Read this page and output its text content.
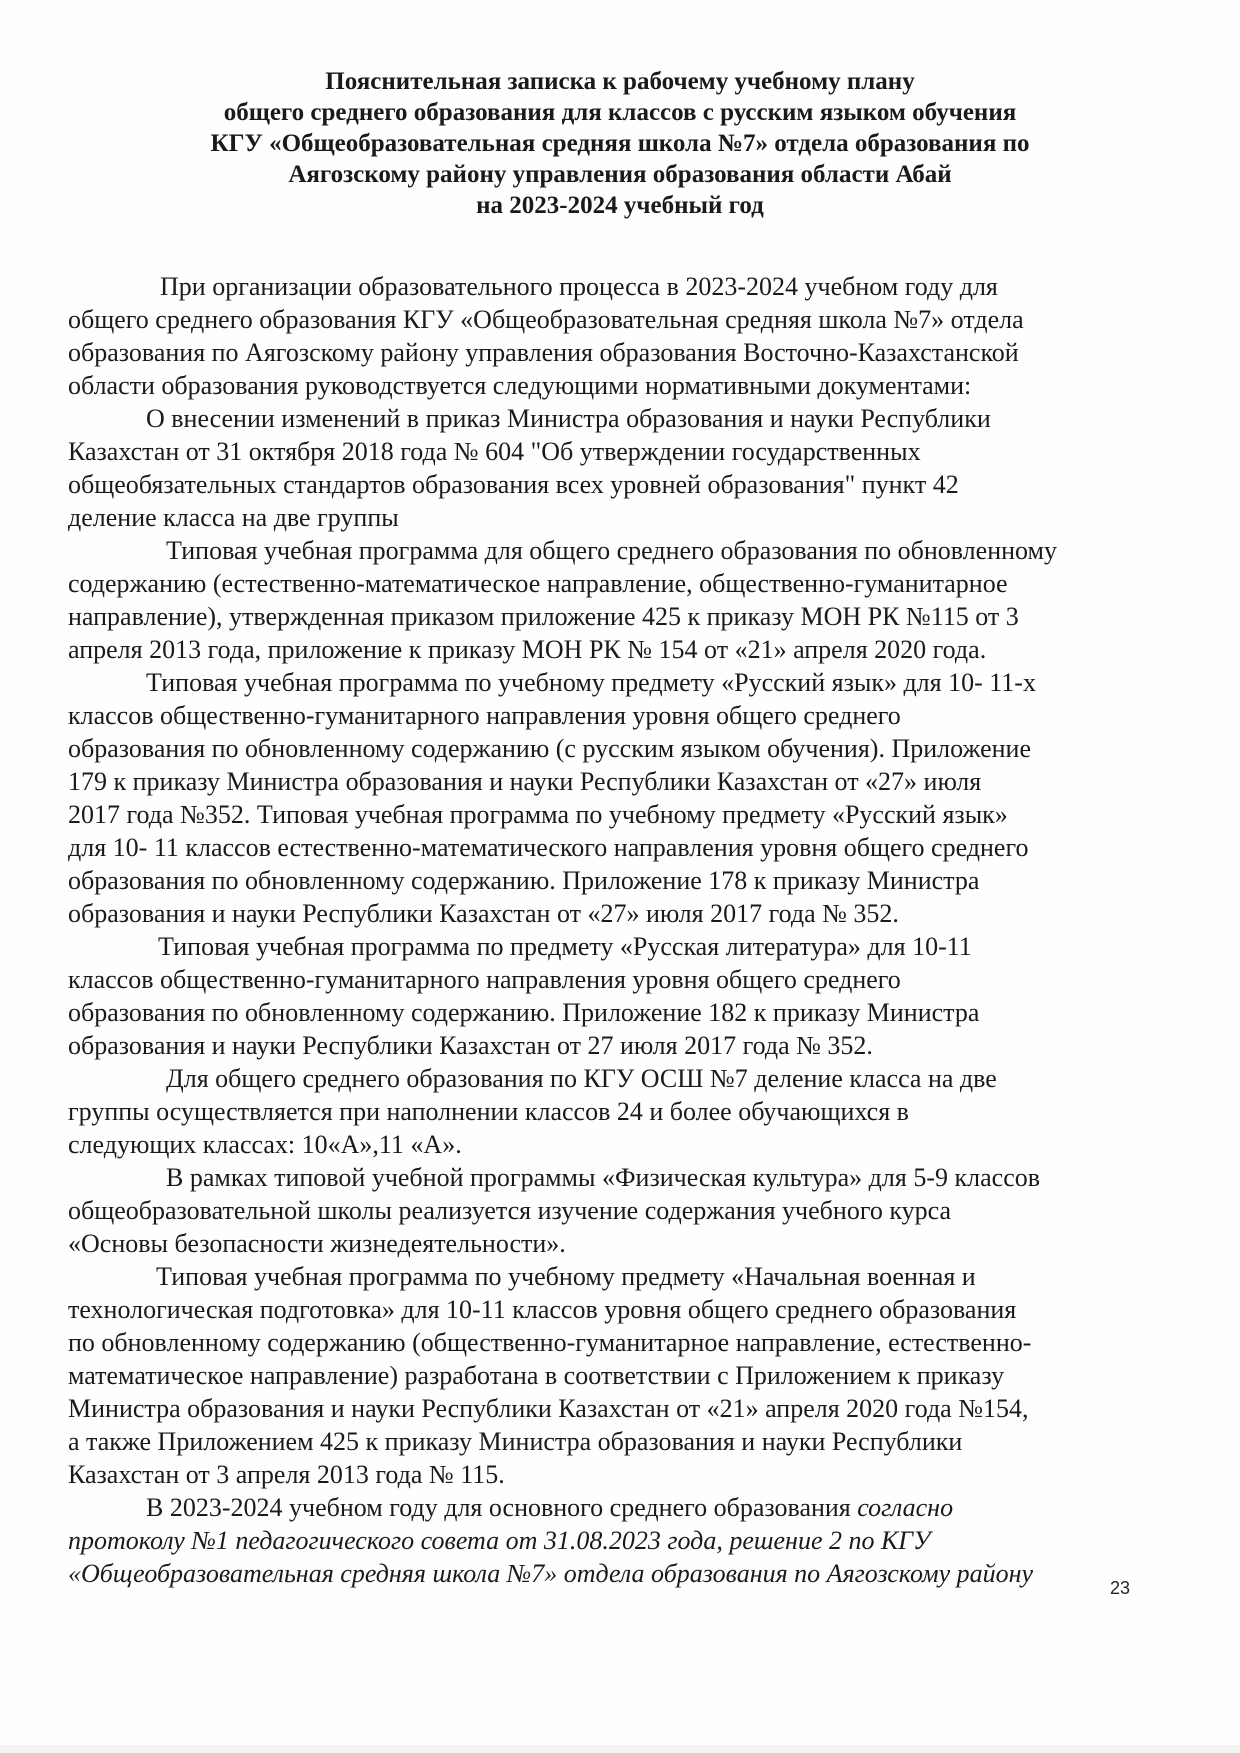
Пояснительная записка к рабочему учебному плану
общего среднего образования для классов с русским языком обучения
КГУ «Общеобразовательная средняя школа №7» отдела образования по
Аягозскому району управления образования области Абай
на 2023-2024 учебный год
При организации образовательного процесса в 2023-2024 учебном году для
общего среднего образования КГУ «Общеобразовательная средняя школа №7» отдела
образования по Аягозскому району управления образования Восточно-Казахстанской
области образования руководствуется следующими нормативными документами:
О внесении изменений в приказ Министра образования и науки Республики
Казахстан от 31 октября 2018 года № 604 "Об утверждении государственных
общеобязательных стандартов образования всех уровней образования" пункт 42
деление класса на две группы
Типовая учебная программа для общего среднего образования по обновленному
содержанию (естественно-математическое направление, общественно-гуманитарное
направление), утвержденная приказом приложение 425 к приказу МОН РК №115 от 3
апреля 2013 года, приложение к приказу МОН РК № 154 от «21» апреля 2020 года.
Типовая учебная программа по учебному предмету «Русский язык» для 10- 11-х
классов общественно-гуманитарного направления уровня общего среднего
образования по обновленному содержанию (с русским языком обучения). Приложение
179 к приказу Министра образования и науки Республики Казахстан от «27» июля
2017 года №352. Типовая учебная программа по учебному предмету «Русский язык»
для 10- 11 классов естественно-математического направления уровня общего среднего
образования по обновленному содержанию. Приложение 178 к приказу Министра
образования и науки Республики Казахстан от «27» июля 2017 года № 352.
Типовая учебная программа по предмету «Русская литература» для 10-11
классов общественно-гуманитарного направления уровня общего среднего
образования по обновленному содержанию. Приложение 182 к приказу Министра
образования и науки Республики Казахстан от 27 июля 2017 года № 352.
Для общего среднего образования по КГУ ОСШ №7 деление класса на две
группы осуществляется при наполнении классов 24 и более обучающихся в
следующих классах: 10«А»,11 «А».
В рамках типовой учебной программы «Физическая культура» для 5-9 классов
общеобразовательной школы реализуется изучение содержания учебного курса
«Основы безопасности жизнедеятельности».
Типовая учебная программа по учебному предмету «Начальная военная и
технологическая подготовка» для 10-11 классов уровня общего среднего образования
по обновленному содержанию (общественно-гуманитарное направление, естественно-
математическое направление) разработана в соответствии с Приложением к приказу
Министра образования и науки Республики Казахстан от «21» апреля 2020 года №154,
а также Приложением 425 к приказу Министра образования и науки Республики
Казахстан от 3 апреля 2013 года № 115.
В 2023-2024 учебном году для основного среднего образования согласно
протоколу №1 педагогического совета от 31.08.2023 года, решение 2 по КГУ
«Общеобразовательная средняя школа №7» отдела образования по Аягозскому району	23
